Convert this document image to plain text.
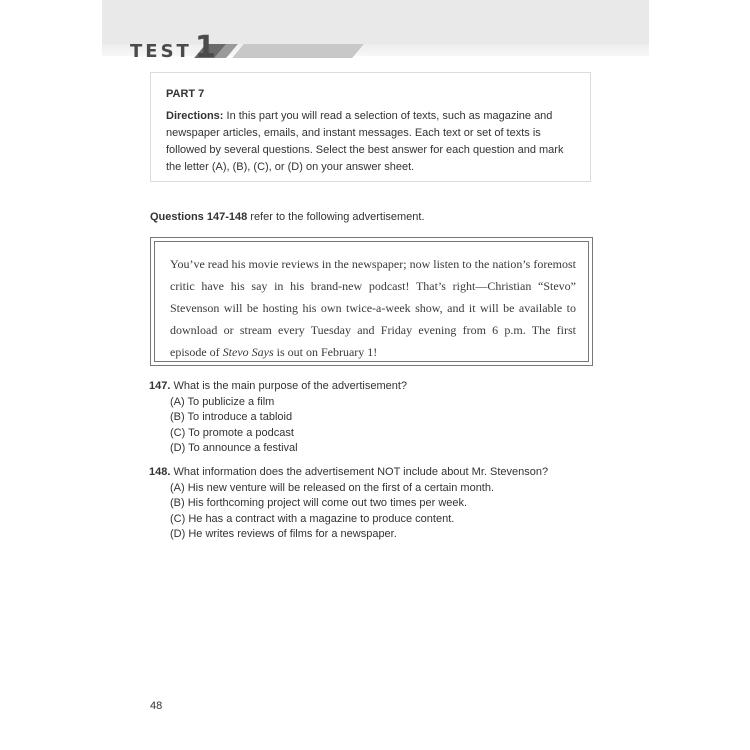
TEST 1
PART 7
Directions: In this part you will read a selection of texts, such as magazine and newspaper articles, emails, and instant messages. Each text or set of texts is followed by several questions. Select the best answer for each question and mark the letter (A), (B), (C), or (D) on your answer sheet.
Questions 147-148 refer to the following advertisement.
You’ve read his movie reviews in the newspaper; now listen to the nation’s foremost critic have his say in his brand-new podcast! That’s right—Christian “Stevo” Stevenson will be hosting his own twice-a-week show, and it will be available to download or stream every Tuesday and Friday evening from 6 p.m. The first episode of Stevo Says is out on February 1!
147. What is the main purpose of the advertisement?
(A) To publicize a film
(B) To introduce a tabloid
(C) To promote a podcast
(D) To announce a festival
148. What information does the advertisement NOT include about Mr. Stevenson?
(A) His new venture will be released on the first of a certain month.
(B) His forthcoming project will come out two times per week.
(C) He has a contract with a magazine to produce content.
(D) He writes reviews of films for a newspaper.
48
